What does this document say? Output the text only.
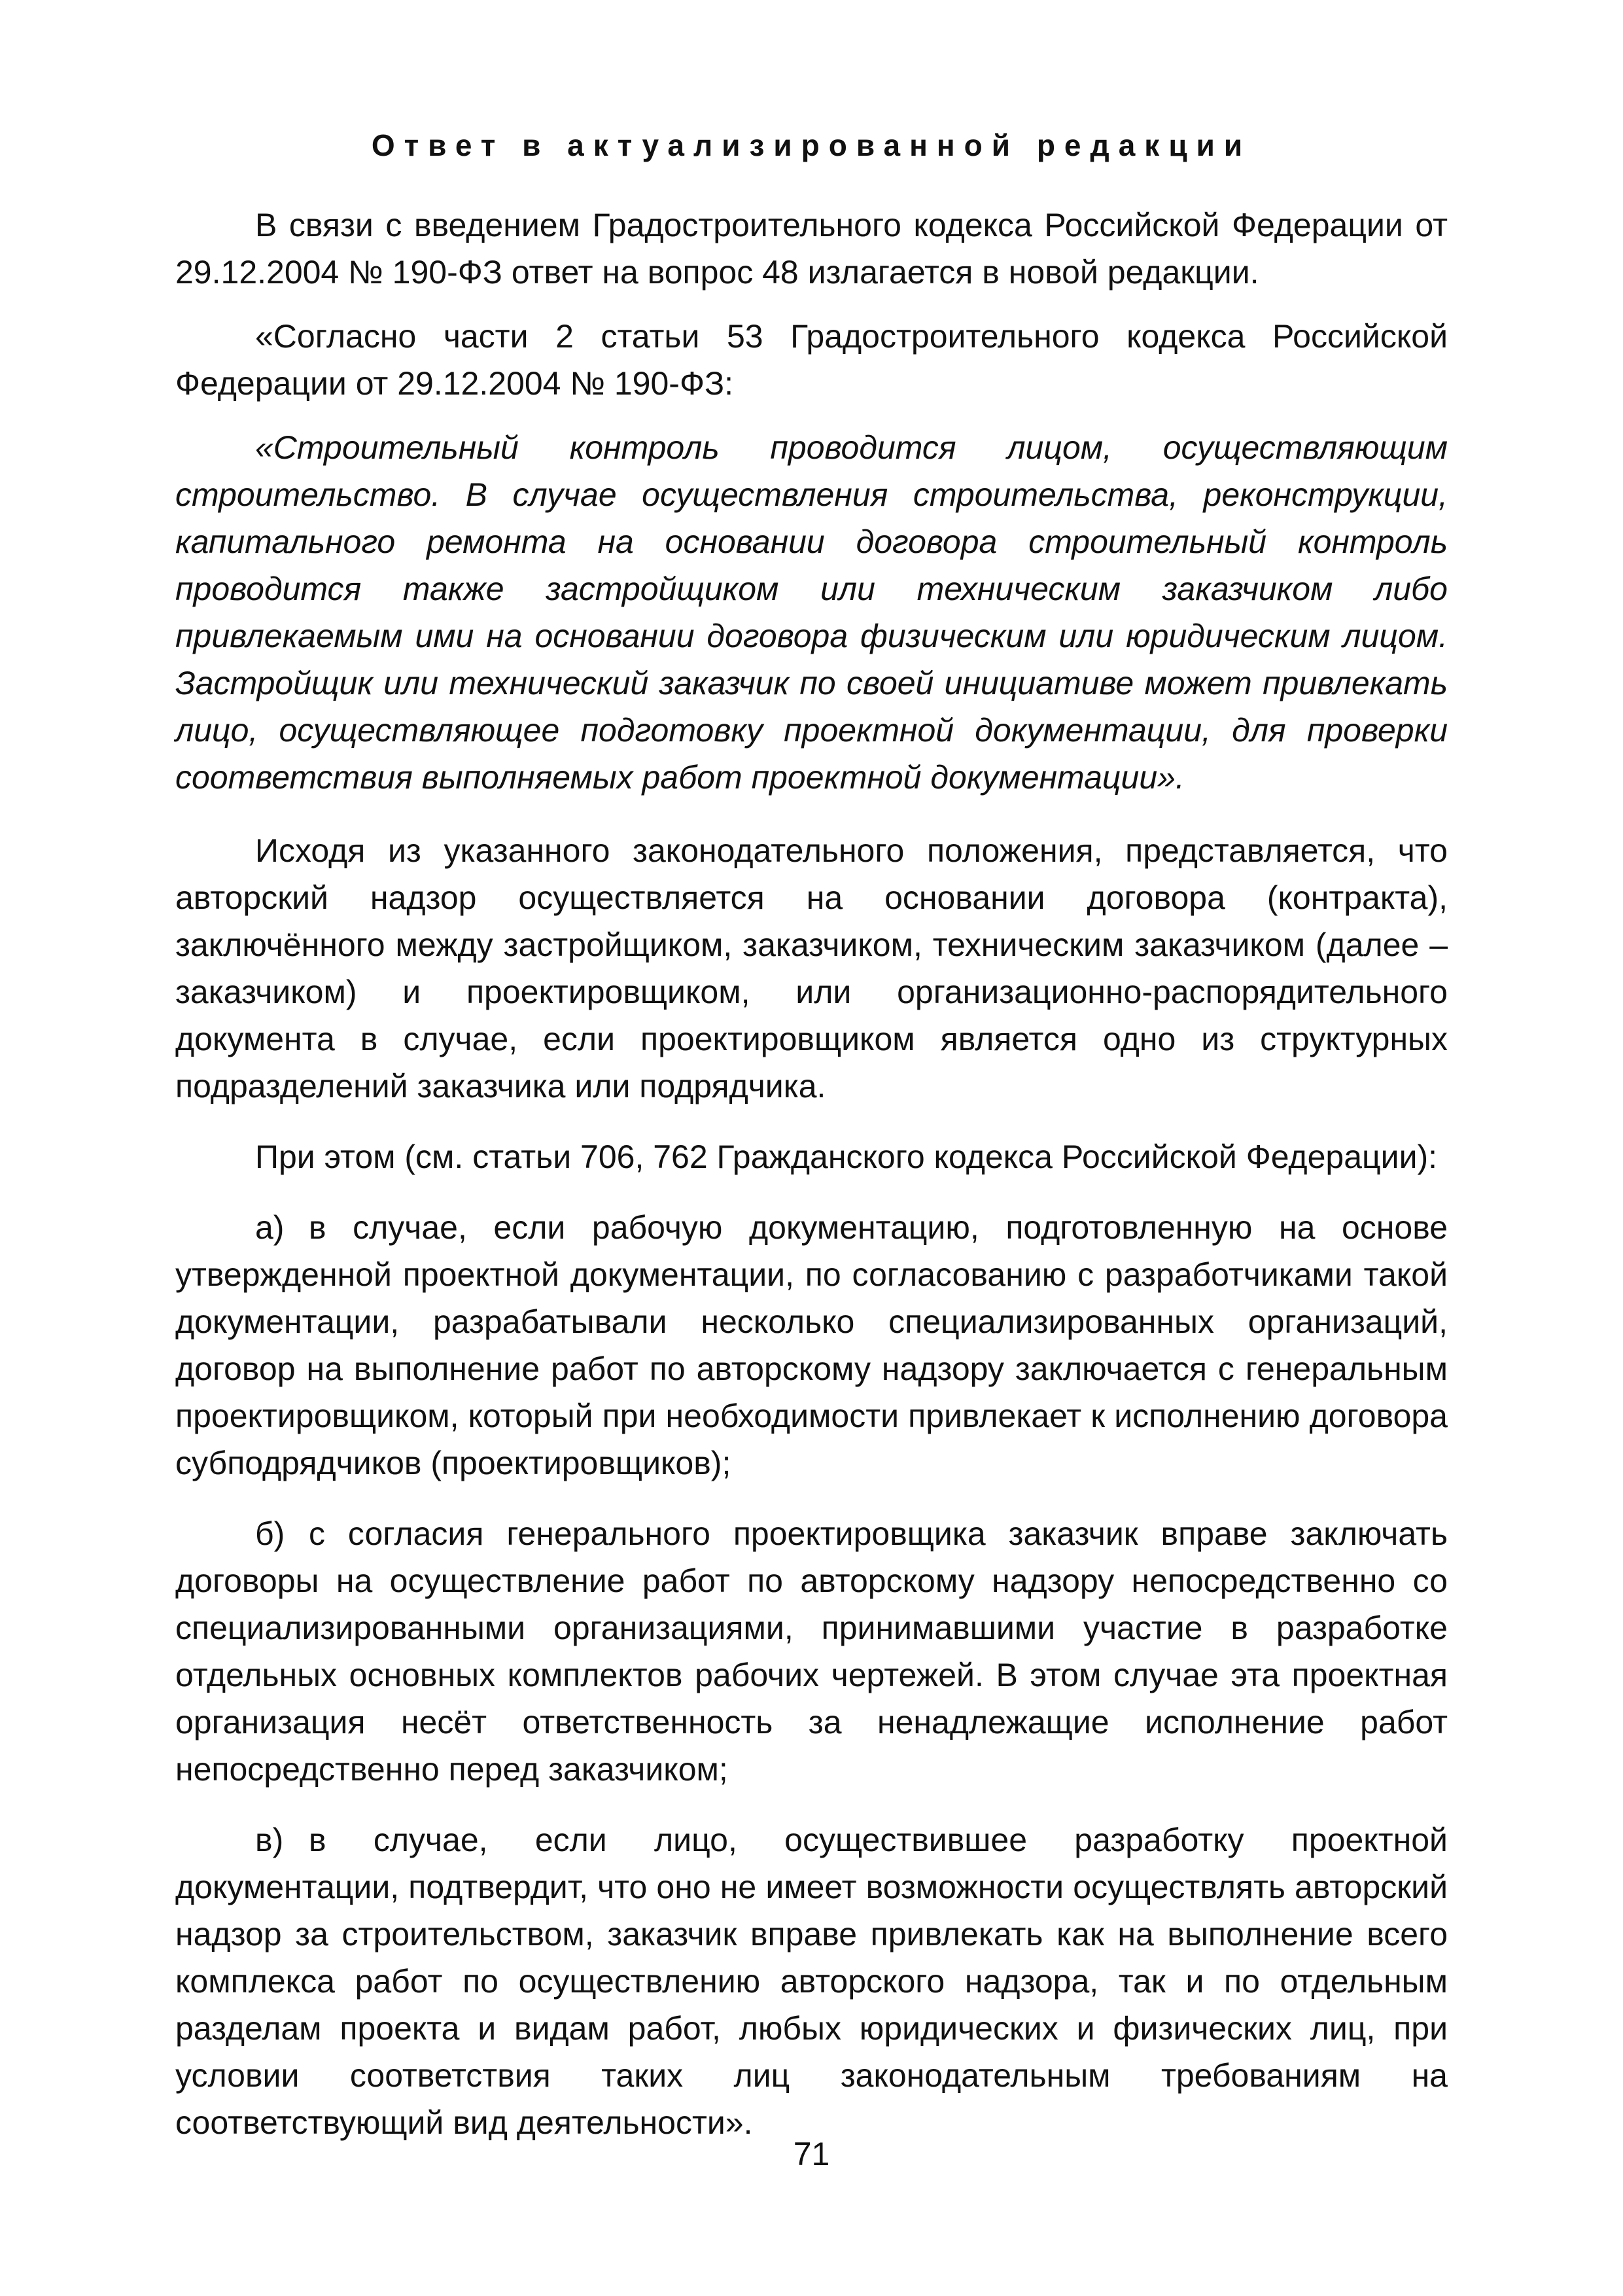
Ответ в актуализированной редакции

В связи с введением Градостроительного кодекса Российской Федерации от 29.12.2004 № 190-ФЗ ответ на вопрос 48 излагается в новой редакции.

«Согласно части 2 статьи 53 Градостроительного кодекса Российской Федерации от 29.12.2004 № 190-ФЗ:

«Строительный контроль проводится лицом, осуществляющим строительство. В случае осуществления строительства, реконструкции, капитального ремонта на основании договора строительный контроль проводится также застройщиком или техническим заказчиком либо привлекаемым ими на основании договора физическим или юридическим лицом. Застройщик или технический заказчик по своей инициативе может привлекать лицо, осуществляющее подготовку проектной документации, для проверки соответствия выполняемых работ проектной документации».

Исходя из указанного законодательного положения, представляется, что авторский надзор осуществляется на основании договора (контракта), заключённого между застройщиком, заказчиком, техническим заказчиком (далее – заказчиком) и проектировщиком, или организационно-распорядительного документа в случае, если проектировщиком является одно из структурных подразделений заказчика или подрядчика.

При этом (см. статьи 706, 762 Гражданского кодекса Российской Федерации):

а) в случае, если рабочую документацию, подготовленную на основе утвержденной проектной документации, по согласованию с разработчиками такой документации, разрабатывали несколько специализированных организаций, договор на выполнение работ по авторскому надзору заключается с генеральным проектировщиком, который при необходимости привлекает к исполнению договора субподрядчиков (проектировщиков);

б) с согласия генерального проектировщика заказчик вправе заключать договоры на осуществление работ по авторскому надзору непосредственно со специализированными организациями, принимавшими участие в разработке отдельных основных комплектов рабочих чертежей. В этом случае эта проектная организация несёт ответственность за ненадлежащие исполнение работ непосредственно перед заказчиком;

в) в случае, если лицо, осуществившее разработку проектной документации, подтвердит, что оно не имеет возможности осуществлять авторский надзор за строительством, заказчик вправе привлекать как на выполнение всего комплекса работ по осуществлению авторского надзора, так и по отдельным разделам проекта и видам работ, любых юридических и физических лиц, при условии соответствия таких лиц законодательным требованиям на соответствующий вид деятельности».

71
